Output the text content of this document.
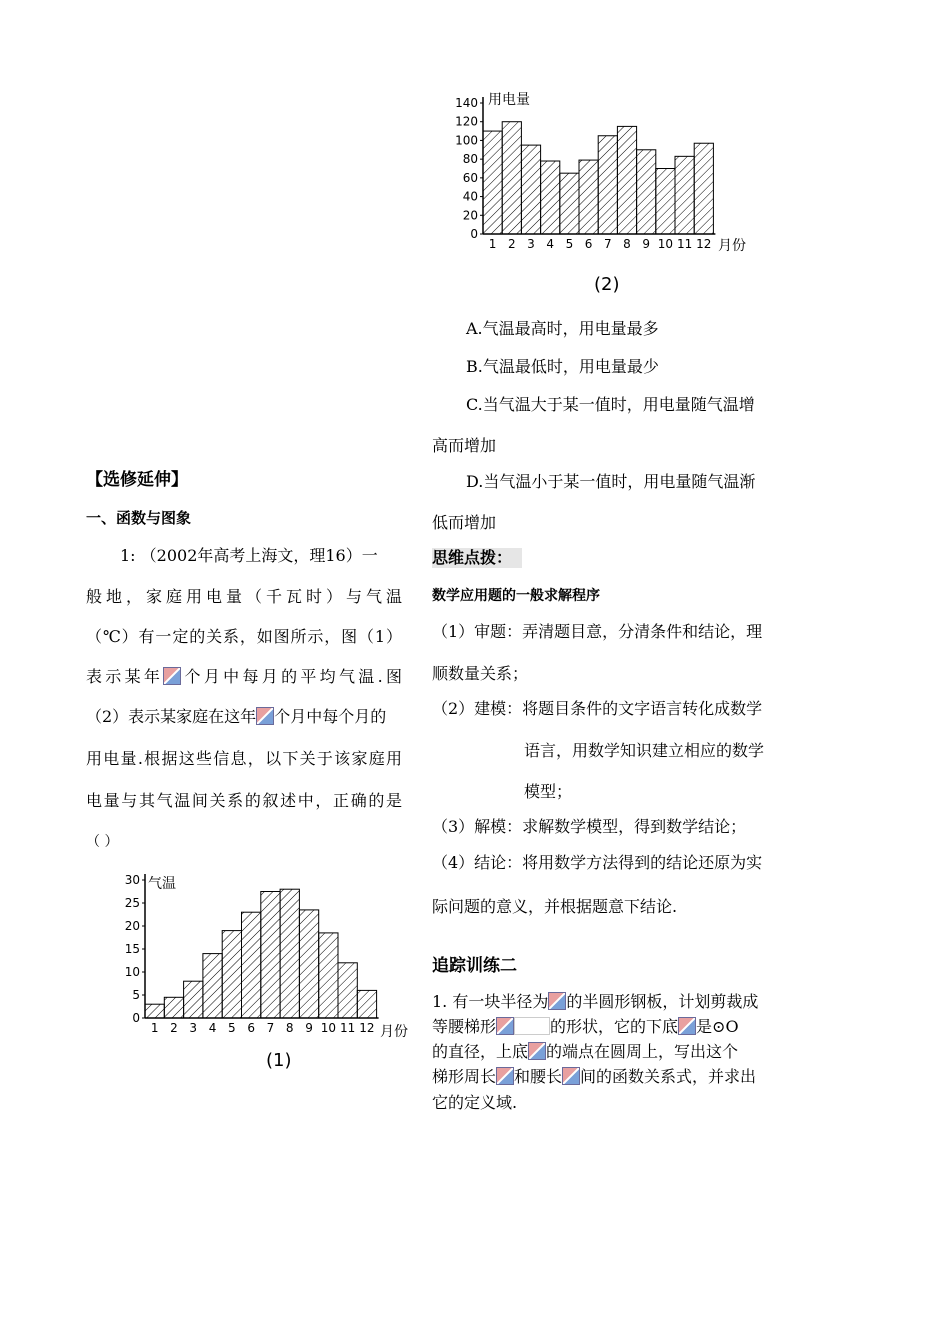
1 2 3 4 5 6 7 8 9 10 11 12
0
20
40
60
80
100
120
140 用电量
月份
(2)
A.气温最高时，用电量最多
B.气温最低时，用电量最少
C.当气温大于某一值时，用电量随气温增
高而增加
D.当气温小于某一值时，用电量随气温渐
低而增加
【选修延伸】
一、函数与图象
1: （2002年高考上海文，理16）一
般地，家庭用电量（千瓦时）与气温
（℃）有一定的关系，如图所示，图（1）
表示某年 个月中每月的平均气温.图
（2）表示某家庭在这年 个月中每个月的
用电量.根据这些信息，以下关于该家庭用
电量与其气温间关系的叙述中，正确的是
（ ）
1 2 3 4 5 6 7 8 9 10 11 12
0
5
10
15
20
25
30 气温
月份
(1)
思维点拨：
数学应用题的一般求解程序
（1）审题：弄清题目意，分清条件和结论，理
顺数量关系；
（2）建模：将题目条件的文字语言转化成数学
语言，用数学知识建立相应的数学
模型；
（3）解模：求解数学模型，得到数学结论；
（4）结论：将用数学方法得到的结论还原为实
际问题的意义，并根据题意下结论.
追踪训练二
1. 有一块半径为 的半圆形钢板，计划剪裁成
等腰梯形	的形状，它的下底 是⊙O
的直径，上底 的端点在圆周上，写出这个
梯形周长 和腰长 间的函数关系式，并求出
它的定义域.
